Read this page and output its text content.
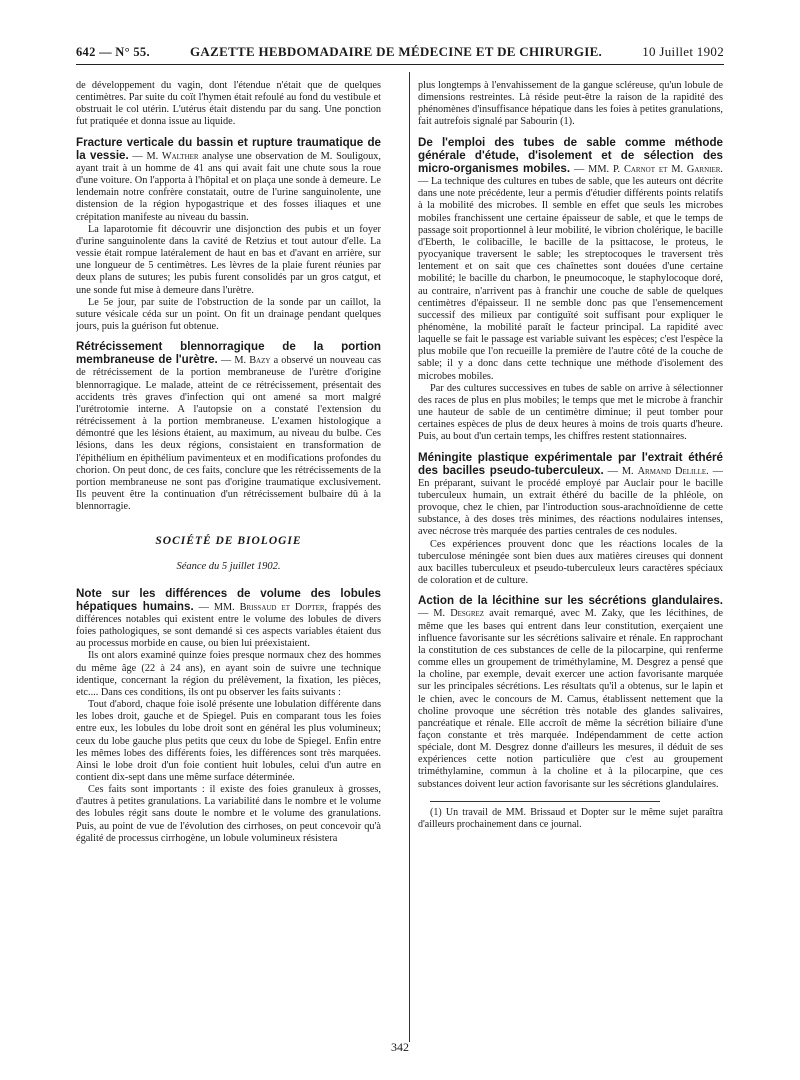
642 — N° 55.	GAZETTE HEBDOMADAIRE DE MÉDECINE ET DE CHIRURGIE.	10 Juillet 1902

de développement du vagin, dont l'étendue n'était que de quelques centimètres. Par suite du coït l'hymen était refoulé au fond du vestibule et obstruait le col utérin. L'utérus était distendu par du sang. Une ponction fut pratiquée et donna issue au liquide.

Fracture verticale du bassin et rupture traumatique de la vessie. — M. Walther analyse une observation de M. Souligoux, ayant trait à un homme de 41 ans qui avait fait une chute sous la roue d'une voiture. On l'apporta à l'hôpital et on plaça une sonde à demeure. Le lendemain notre confrère constatait, outre de l'urine sanguinolente, une distension de la région hypogastrique et des fosses iliaques et une crépitation manifeste au niveau du bassin.

La laparotomie fit découvrir une disjonction des pubis et un foyer d'urine sanguinolente dans la cavité de Retzius et tout autour d'elle. La vessie était rompue latéralement de haut en bas et d'avant en arrière, sur une longueur de 5 centimètres. Les lèvres de la plaie furent réunies par deux plans de sutures; les pubis furent consolidés par un gros catgut, et une sonde fut mise à demeure dans l'urètre.

Le 5e jour, par suite de l'obstruction de la sonde par un caillot, la suture vésicale céda sur un point. On fit un drainage pendant quelques jours, puis la guérison fut obtenue.

Rétrécissement blennorragique de la portion membraneuse de l'urètre. — M. Bazy a observé un nouveau cas de rétrécissement de la portion membraneuse de l'urètre d'origine blennorragique. Le malade, atteint de ce rétrécissement, présentait des accidents très graves d'infection qui ont amené sa mort malgré l'urétrotomie interne. A l'autopsie on a constaté l'extension du rétrécissement à la portion membraneuse. L'examen histologique a démontré que les lésions étaient, au maximum, au niveau du bulbe. Ces lésions, dans les deux régions, consistaient en transformation de l'épithélium en épithélium pavimenteux et en modifications profondes du chorion. On peut donc, de ces faits, conclure que les rétrécissements de la portion membraneuse ne sont pas d'origine traumatique exclusivement. Ils peuvent être la continuation d'un rétrécissement bulbaire dû à la blennorragie.

SOCIÉTÉ DE BIOLOGIE
Séance du 5 juillet 1902.

Note sur les différences de volume des lobules hépatiques humains. — MM. Brissaud et Dopter, frappés des différences notables qui existent entre le volume des lobules de divers foies pathologiques, se sont demandé si ces aspects variables étaient dus au processus morbide en cause, ou bien lui préexistaient.

Ils ont alors examiné quinze foies presque normaux chez des hommes du même âge (22 à 24 ans), en ayant soin de suivre une technique identique, concernant la région du prélèvement, la fixation, les pièces, etc.... Dans ces conditions, ils ont pu observer les faits suivants :

Tout d'abord, chaque foie isolé présente une lobulation différente dans les lobes droit, gauche et de Spiegel. Puis en comparant tous les foies entre eux, les lobules du lobe droit sont en général les plus volumineux; ceux du lobe gauche plus petits que ceux du lobe de Spiegel. Enfin entre les mêmes lobes des différents foies, les différences sont très marquées. Ainsi le lobe droit d'un foie contient huit lobules, celui d'un autre en contient dix-sept dans une même surface déterminée.

Ces faits sont importants : il existe des foies granuleux à grosses, d'autres à petites granulations. La variabilité dans le nombre et le volume des lobules régit sans doute le nombre et le volume des granulations. Puis, au point de vue de l'évolution des cirrhoses, on peut concevoir qu'à égalité de processus cirrhogène, un lobule volumineux résistera

plus longtemps à l'envahissement de la gangue scléreuse, qu'un lobule de dimensions restreintes. Là réside peut-être la raison de la rapidité des phénomènes d'insuffisance hépatique dans les foies à petites granulations, fait autrefois signalé par Sabourin (1).

De l'emploi des tubes de sable comme méthode générale d'étude, d'isolement et de sélection des micro-organismes mobiles. — MM. P. Carnot et M. Garnier. — La technique des cultures en tubes de sable, que les auteurs ont décrite dans une note précédente, leur a permis d'étudier différents points relatifs à la mobilité des microbes. Il semble en effet que seuls les microbes mobiles franchissent une certaine épaisseur de sable, et que le temps de passage soit proportionnel à leur mobilité, le vibrion cholérique, le bacille d'Eberth, le colibacille, le bacille de la psittacose, le proteus, le pyocyanique traversent le sable; les streptocoques le traversent très lentement et on sait que ces chaînettes sont douées d'une certaine mobilité; le bacille du charbon, le pneumocoque, le staphylocoque doré, au contraire, n'arrivent pas à franchir une couche de sable de quelques centimètres d'épaisseur. Il ne semble donc pas que l'ensemencement successif des milieux par contiguïté soit suffisant pour expliquer le phénomène, la mobilité paraît le facteur principal. La rapidité avec laquelle se fait le passage est variable suivant les espèces; c'est l'espèce la plus mobile que l'on recueille la première de l'autre côté de la couche de sable; il y a donc dans cette technique une méthode d'isolement des microbes mobiles.

Par des cultures successives en tubes de sable on arrive à sélectionner des races de plus en plus mobiles; le temps que met le microbe à franchir une hauteur de sable de un centimètre diminue; il peut tomber pour certaines espèces de plus de deux heures à moins de trois quarts d'heure. Puis, au bout d'un certain temps, les chiffres restent stationnaires.

Méningite plastique expérimentale par l'extrait éthéré des bacilles pseudo-tuberculeux. — M. Armand Delille. — En préparant, suivant le procédé employé par Auclair pour le bacille tuberculeux humain, un extrait éthéré du bacille de la phléole, on provoque, chez le chien, par l'introduction sous-arachnoïdienne de cette substance, à des doses très minimes, des réactions nodulaires intenses, avec nécrose très marquée des parties centrales de ces nodules.

Ces expériences prouvent donc que les réactions locales de la tuberculose méningée sont bien dues aux matières cireuses qui donnent aux bacilles tuberculeux et pseudo-tuberculeux leurs caractères spéciaux de coloration et de culture.

Action de la lécithine sur les sécrétions glandulaires. — M. Desgrez avait remarqué, avec M. Zaky, que les lécithines, de même que les bases qui entrent dans leur constitution, exerçaient une influence favorisante sur les sécrétions salivaire et rénale. En rapprochant la constitution de ces substances de celle de la pilocarpine, qui renferme comme elles un groupement de triméthylamine, M. Desgrez a pensé que la choline, par exemple, devait exercer une action favorisante marquée sur les principales sécrétions. Les résultats qu'il a obtenus, sur le lapin et le chien, avec le concours de M. Camus, établissent nettement que la choline provoque une sécrétion très notable des glandes salivaires, pancréatique et rénale. Elle accroît de même la sécrétion biliaire d'une façon constante et très marquée. Indépendamment de cette action spéciale, dont M. Desgrez donne d'ailleurs les mesures, il déduit de ses expériences cette notion particulière que c'est au groupement triméthylamine, commun à la choline et à la pilocarpine, que ces substances doivent leur action favorisante sur les sécrétions glandulaires.

(1) Un travail de MM. Brissaud et Dopter sur le même sujet paraîtra d'ailleurs prochainement dans ce journal.

342
